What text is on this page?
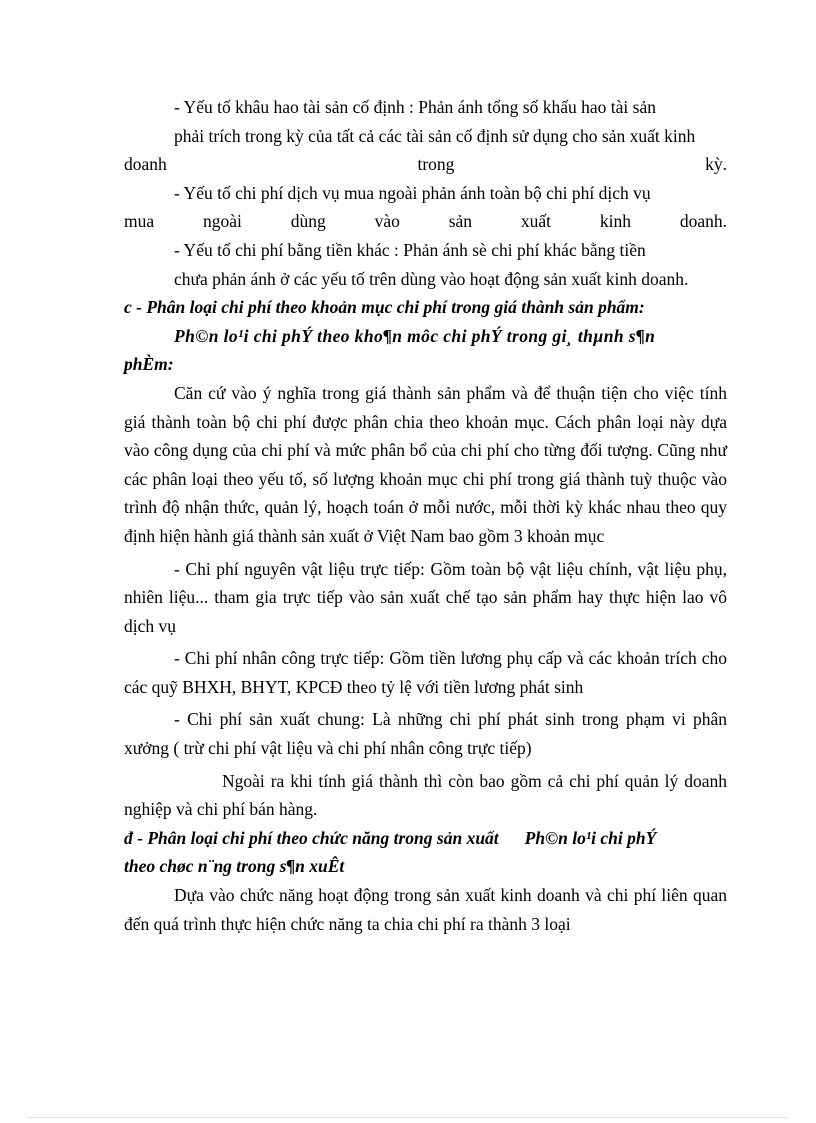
- Yếu tố khâu hao tài sản cố định : Phản ánh tổng số khấu hao tài sản
phải trích trong kỳ của tất cả các tài sản cố định sử dụng cho sản xuất kinh

doanh	trong	kỳ.

- Yếu tố chi phí dịch vụ mua ngoài phản ánh toàn bộ chi phí dịch vụ

mua	ngoài	dùng	vào	sản	xuất	kinh	doanh.

- Yếu tố chi phí bằng tiền khác : Phản ánh sè chi phí khác bằng tiền
chưa phản ánh ở các yếu tố trên dùng vào hoạt động sản xuất kinh doanh.

c - Phân loại chi phí theo khoản mục chi phí trong giá thành sản phẩm:

Ph©n lo¹i chi phÝ theo kho¶n môc chi phÝ trong gi¸ thµnh s¶n

phÈm:

Căn cứ vào ý nghĩa trong giá thành sản phẩm và để thuận tiện cho việc tính giá thành toàn bộ chi phí được phân chia theo khoản mục. Cách phân loại này dựa vào công dụng của chi phí và mức phân bổ của chi phí cho từng đối tượng. Cũng như các phân loại theo yếu tố, số lượng khoản mục chi phí trong giá thành tuỳ thuộc vào trình độ nhận thức, quản lý, hoạch toán ở mỗi nước, mỗi thời kỳ khác nhau theo quy định hiện hành giá thành sản xuất ở Việt Nam bao gồm 3 khoản mục

- Chi phí nguyên vật liệu trực tiếp: Gồm toàn bộ vật liệu chính, vật liệu phụ, nhiên liệu... tham gia trực tiếp vào sản xuất chế tạo sản phẩm hay thực hiện lao vô dịch vụ

- Chi phí nhân công trực tiếp: Gồm tiền lương phụ cấp và các khoản trích cho các quỹ BHXH, BHYT, KPCĐ theo tỷ lệ với tiền lương phát sinh

- Chi phí sản xuất chung: Là những chi phí phát sinh trong phạm vi phân xưởng ( trừ chi phí vật liệu và chi phí nhân công trực tiếp)

Ngoài ra khi tính giá thành thì còn bao gồm cả chi phí quản lý doanh nghiệp và chi phí bán hàng.

đ - Phân loại chi phí theo chức năng trong sản xuất Ph©n lo¹i chi phÝ

theo chøc n¨ng trong s¶n xuÊt

Dựa vào chức năng hoạt động trong sản xuất kinh doanh và chi phí liên quan đến quá trình thực hiện chức năng ta chia chi phí ra thành 3 loại
